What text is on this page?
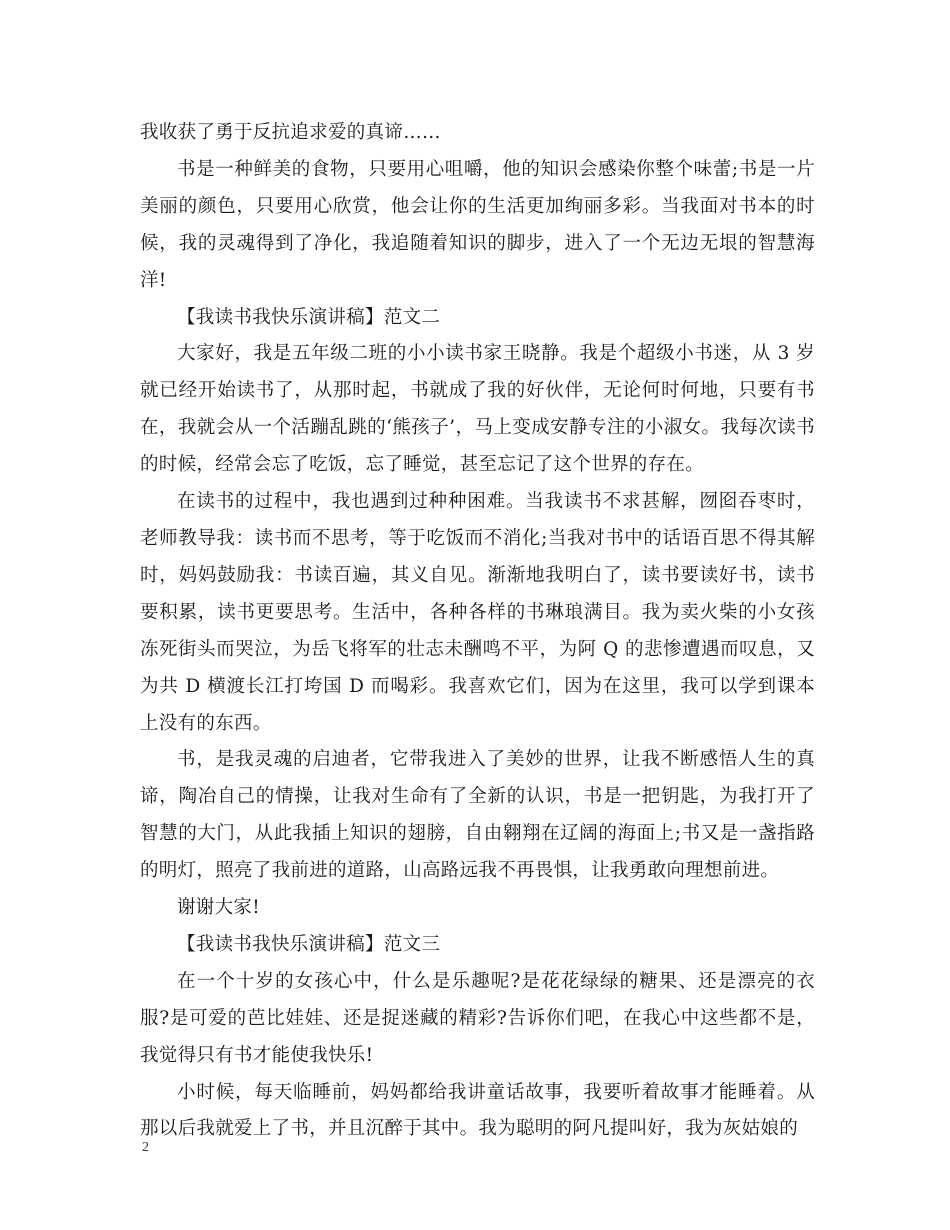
我收获了勇于反抗追求爱的真谛……

书是一种鲜美的食物，只要用心咀嚼，他的知识会感染你整个味蕾;书是一片美丽的颜色，只要用心欣赏，他会让你的生活更加绚丽多彩。当我面对书本的时候，我的灵魂得到了净化，我追随着知识的脚步，进入了一个无边无垠的智慧海洋!

【我读书我快乐演讲稿】范文二

大家好，我是五年级二班的小小读书家王晓静。我是个超级小书迷，从 3 岁就已经开始读书了，从那时起，书就成了我的好伙伴，无论何时何地，只要有书在，我就会从一个活蹦乱跳的‘熊孩子’，马上变成安静专注的小淑女。我每次读书的时候，经常会忘了吃饭，忘了睡觉，甚至忘记了这个世界的存在。

在读书的过程中，我也遇到过种种困难。当我读书不求甚解，囫囵吞枣时，老师教导我：读书而不思考，等于吃饭而不消化;当我对书中的话语百思不得其解时，妈妈鼓励我：书读百遍，其义自见。渐渐地我明白了，读书要读好书，读书要积累，读书更要思考。生活中，各种各样的书琳琅满目。我为卖火柴的小女孩冻死街头而哭泣，为岳飞将军的壮志未酬鸣不平，为阿 Q 的悲惨遭遇而叹息，又为共 D 横渡长江打垮国 D 而喝彩。我喜欢它们，因为在这里，我可以学到课本上没有的东西。

书，是我灵魂的启迪者，它带我进入了美妙的世界，让我不断感悟人生的真谛，陶冶自己的情操，让我对生命有了全新的认识，书是一把钥匙，为我打开了智慧的大门，从此我插上知识的翅膀，自由翱翔在辽阔的海面上;书又是一盏指路的明灯，照亮了我前进的道路，山高路远我不再畏惧，让我勇敢向理想前进。

谢谢大家!

【我读书我快乐演讲稿】范文三

在一个十岁的女孩心中，什么是乐趣呢?是花花绿绿的糖果、还是漂亮的衣服?是可爱的芭比娃娃、还是捉迷藏的精彩?告诉你们吧，在我心中这些都不是，我觉得只有书才能使我快乐!

小时候，每天临睡前，妈妈都给我讲童话故事，我要听着故事才能睡着。从那以后我就爱上了书，并且沉醉于其中。我为聪明的阿凡提叫好，我为灰姑娘的

2
